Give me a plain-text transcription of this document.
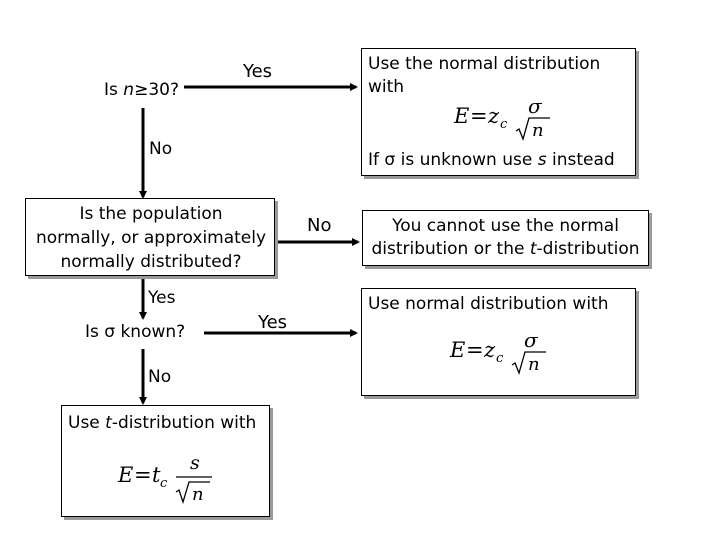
Is n≥30?
Yes
No
Use the normal distribution
with
E = z c
σ
n
If σ is unknown use s instead
Is the population
normally, or approximately
normally distributed?
No	You cannot use the normal
distribution or the t-distribution
Yes
Yes
Is σ known?
Use normal distribution with
E = z c
σ
n
No
Use t-distribution with
E = t c
s
n
